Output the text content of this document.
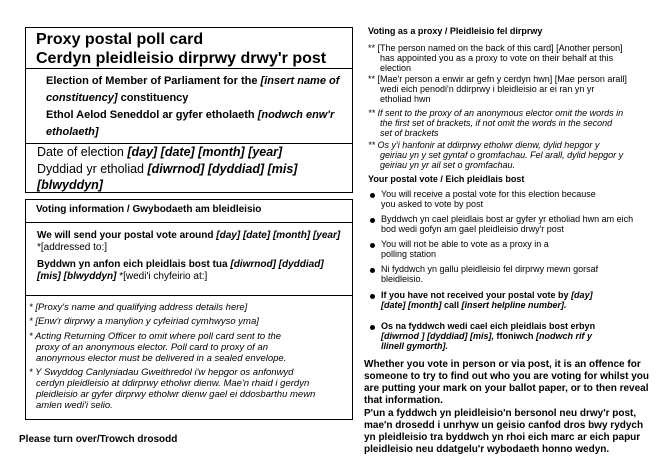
Proxy postal poll card
Cerdyn pleidleisio dirprwy drwy'r post
Election of Member of Parliament for the [insert name of
constituency] constituency
Ethol Aelod Seneddol ar gyfer etholaeth [nodwch enw'r
etholaeth]
Date of election [day] [date] [month] [year]
Dyddiad yr etholiad [diwrnod] [dyddiad] [mis]
[blwyddyn]
Voting information / Gwybodaeth am bleidleisio
We will send your postal vote around [day] [date] [month] [year]
*[addressed to:]
Byddwn yn anfon eich pleidlais bost tua [diwrnod] [dyddiad]
[mis] [blwyddyn] *[wedi'i chyfeirio at:]
* [Proxy's name and qualifying address details here]
* [Enw'r dirprwy a manylion y cyfeiriad cymhwyso yma]
* Acting Returning Officer to omit where poll card sent to the
proxy of an anonymous elector. Poll card to proxy of an
anonymous elector must be delivered in a sealed envelope.
* Y Swyddog Canlyniadau Gweithredol i'w hepgor os anfonwyd
cerdyn pleidleisio at ddirprwy etholwr dienw. Mae'n rhaid i gerdyn
pleidleisio ar gyfer dirprwy etholwr dienw gael ei ddosbarthu mewn
amlen wedi'i selio.
Please turn over/Trowch drosodd
Voting as a proxy / Pleidleisio fel dirprwy
** [The person named on the back of this card] [Another person]
has appointed you as a proxy to vote on their behalf at this
election
** [Mae'r person a enwir ar gefn y cerdyn hwn] [Mae person arall]
wedi eich penodi'n ddirprwy i bleidleisio ar ei ran yn yr
etholiad hwn
** If sent to the proxy of an anonymous elector omit the words in
the first set of brackets, if not omit the words in the second
set of brackets
** Os y'i hanfonir at ddirprwy etholwr dienw, dylid hepgor y
geiriau yn y set gyntaf o gromfachau. Fel arall, dylid hepgor y
geiriau yn yr ail set o gromfachau.
Your postal vote / Eich pleidlais bost
You will receive a postal vote for this election because
you asked to vote by post
Byddwch yn cael pleidlais bost ar gyfer yr etholiad hwn am eich
bod wedi gofyn am gael pleidleisio drwy'r post
You will not be able to vote as a proxy in a
polling station
Ni fyddwch yn gallu pleidleisio fel dirprwy mewn gorsaf
bleidleisio.
If you have not received your postal vote by [day]
[date] [month] call [insert helpline number].
Os na fyddwch wedi cael eich pleidlais bost erbyn
[diwrnod ] [dyddiad] [mis], ffoniwch [nodwch rif y
llinell gymorth].
Whether you vote in person or via post, it is an offence for
someone to try to find out who you are voting for whilst you
are putting your mark on your ballot paper, or to then reveal
that information.
P'un a fyddwch yn pleidleisio'n bersonol neu drwy'r post,
mae'n drosedd i unrhyw un geisio canfod dros bwy rydych
yn pleidleisio tra byddwch yn rhoi eich marc ar eich papur
pleidleisio neu ddatgelu'r wybodaeth honno wedyn.
